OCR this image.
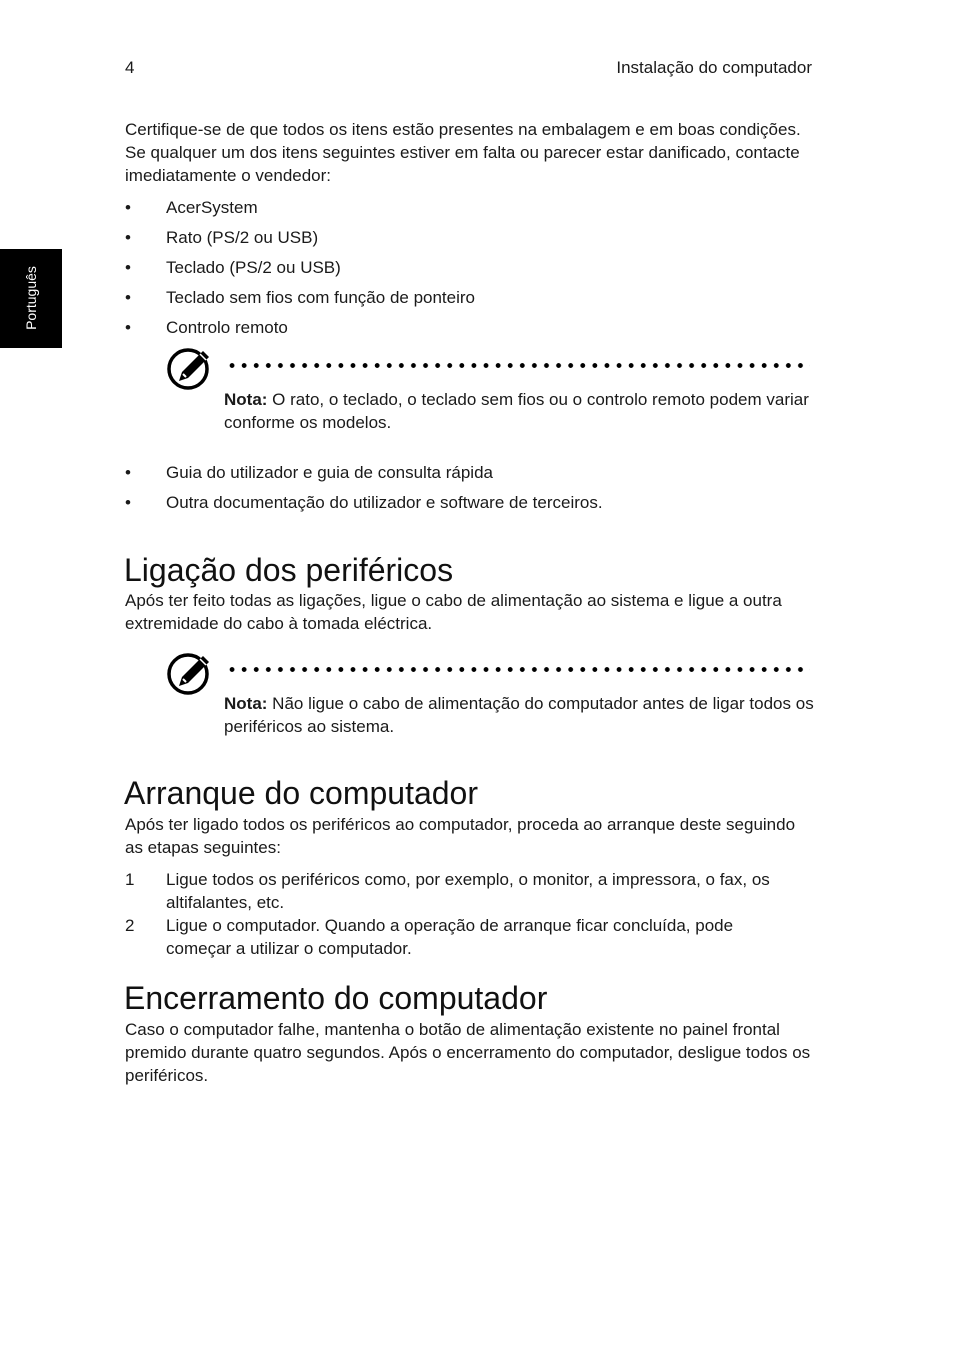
4	Instalação do computador
Português

Certifique-se de que todos os itens estão presentes na embalagem e em boas condições. Se qualquer um dos itens seguintes estiver em falta ou parecer estar danificado, contacte imediatamente o vendedor:

• AcerSystem
• Rato (PS/2 ou USB)
• Teclado (PS/2 ou USB)
• Teclado sem fios com função de ponteiro
• Controlo remoto

Nota: O rato, o teclado, o teclado sem fios ou o controlo remoto podem variar conforme os modelos.

• Guia do utilizador e guia de consulta rápida
• Outra documentação do utilizador e software de terceiros.
Ligação dos periféricos

Após ter feito todas as ligações, ligue o cabo de alimentação ao sistema e ligue a outra extremidade do cabo à tomada eléctrica.

Nota: Não ligue o cabo de alimentação do computador antes de ligar todos os periféricos ao sistema.

Arranque do computador

Após ter ligado todos os periféricos ao computador, proceda ao arranque deste seguindo as etapas seguintes:

1 Ligue todos os periféricos como, por exemplo, o monitor, a impressora, o fax, os altifalantes, etc.
2 Ligue o computador. Quando a operação de arranque ficar concluída, pode começar a utilizar o computador.
Encerramento do computador

Caso o computador falhe, mantenha o botão de alimentação existente no painel frontal premido durante quatro segundos. Após o encerramento do computador, desligue todos os periféricos.
